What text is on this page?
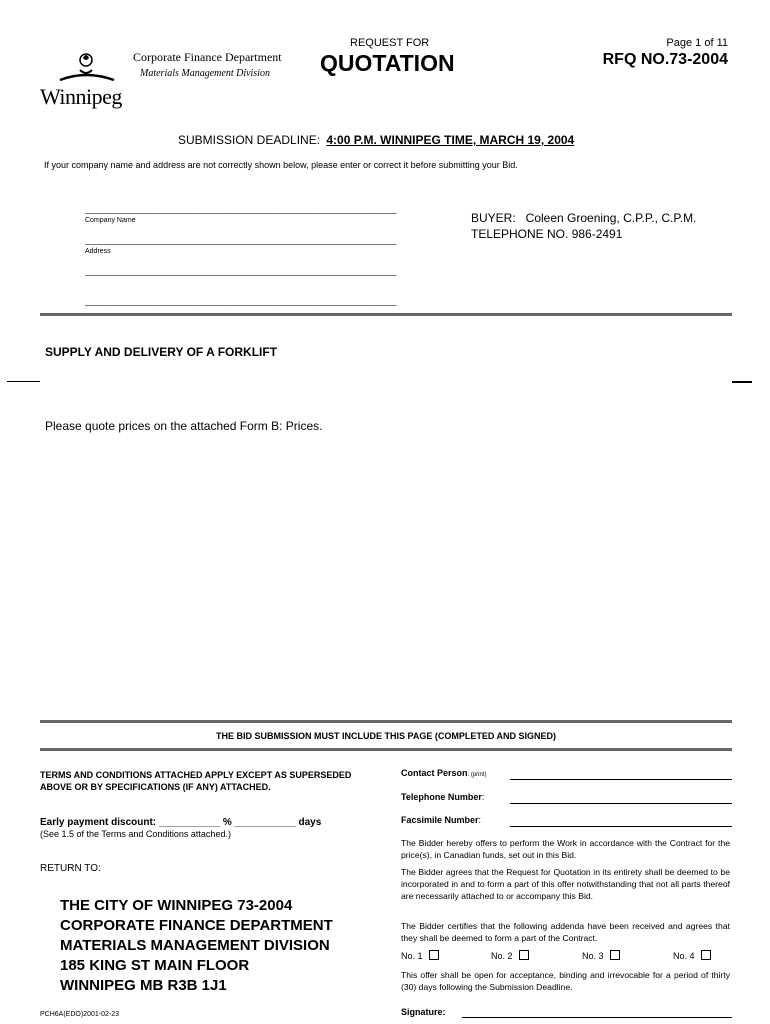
Winnipeg
Corporate Finance Department
Materials Management Division
REQUEST FOR
QUOTATION
Page 1 of 11
RFQ NO.73-2004
SUBMISSION DEADLINE: 4:00 P.M. WINNIPEG TIME, MARCH 19, 2004
If your company name and address are not correctly shown below, please enter or correct it before submitting your Bid.
______________________________________________________________________
Company Name
______________________________________________________________________
Address
______________________________________________________________________
______________________________________________________________________
BUYER:   Coleen Groening, C.P.P., C.P.M.
TELEPHONE NO. 986-2491
SUPPLY AND DELIVERY OF A FORKLIFT
Please quote prices on the attached Form B: Prices.
THE BID SUBMISSION MUST INCLUDE THIS PAGE (COMPLETED AND SIGNED)
TERMS AND CONDITIONS ATTACHED APPLY EXCEPT AS SUPERSEDED ABOVE OR BY SPECIFICATIONS (IF ANY) ATTACHED.
Early payment discount: ___________ % ___________ days
(See 1.5 of the Terms and Conditions attached.)
RETURN TO:
THE CITY OF WINNIPEG 73-2004
CORPORATE FINANCE DEPARTMENT
MATERIALS MANAGEMENT DIVISION
185 KING ST MAIN FLOOR
WINNIPEG MB R3B 1J1
PCH6A(EDO)2001-02-23
Contact Person: (print)
Telephone Number:
Facsimile Number:
The Bidder hereby offers to perform the Work in accordance with the Contract for the price(s), in Canadian funds, set out in this Bid.
The Bidder agrees that the Request for Quotation in its entirety shall be deemed to be incorporated in and to form a part of this offer notwithstanding that not all parts thereof are necessarily attached to or accompany this Bid.
The Bidder certifies that the following addenda have been received and agrees that they shall be deemed to form a part of the Contract.
No. 1	No. 2	No. 3	No. 4
This offer shall be open for acceptance, binding and irrevocable for a period of thirty (30) days following the Submission Deadline.
Signature:
